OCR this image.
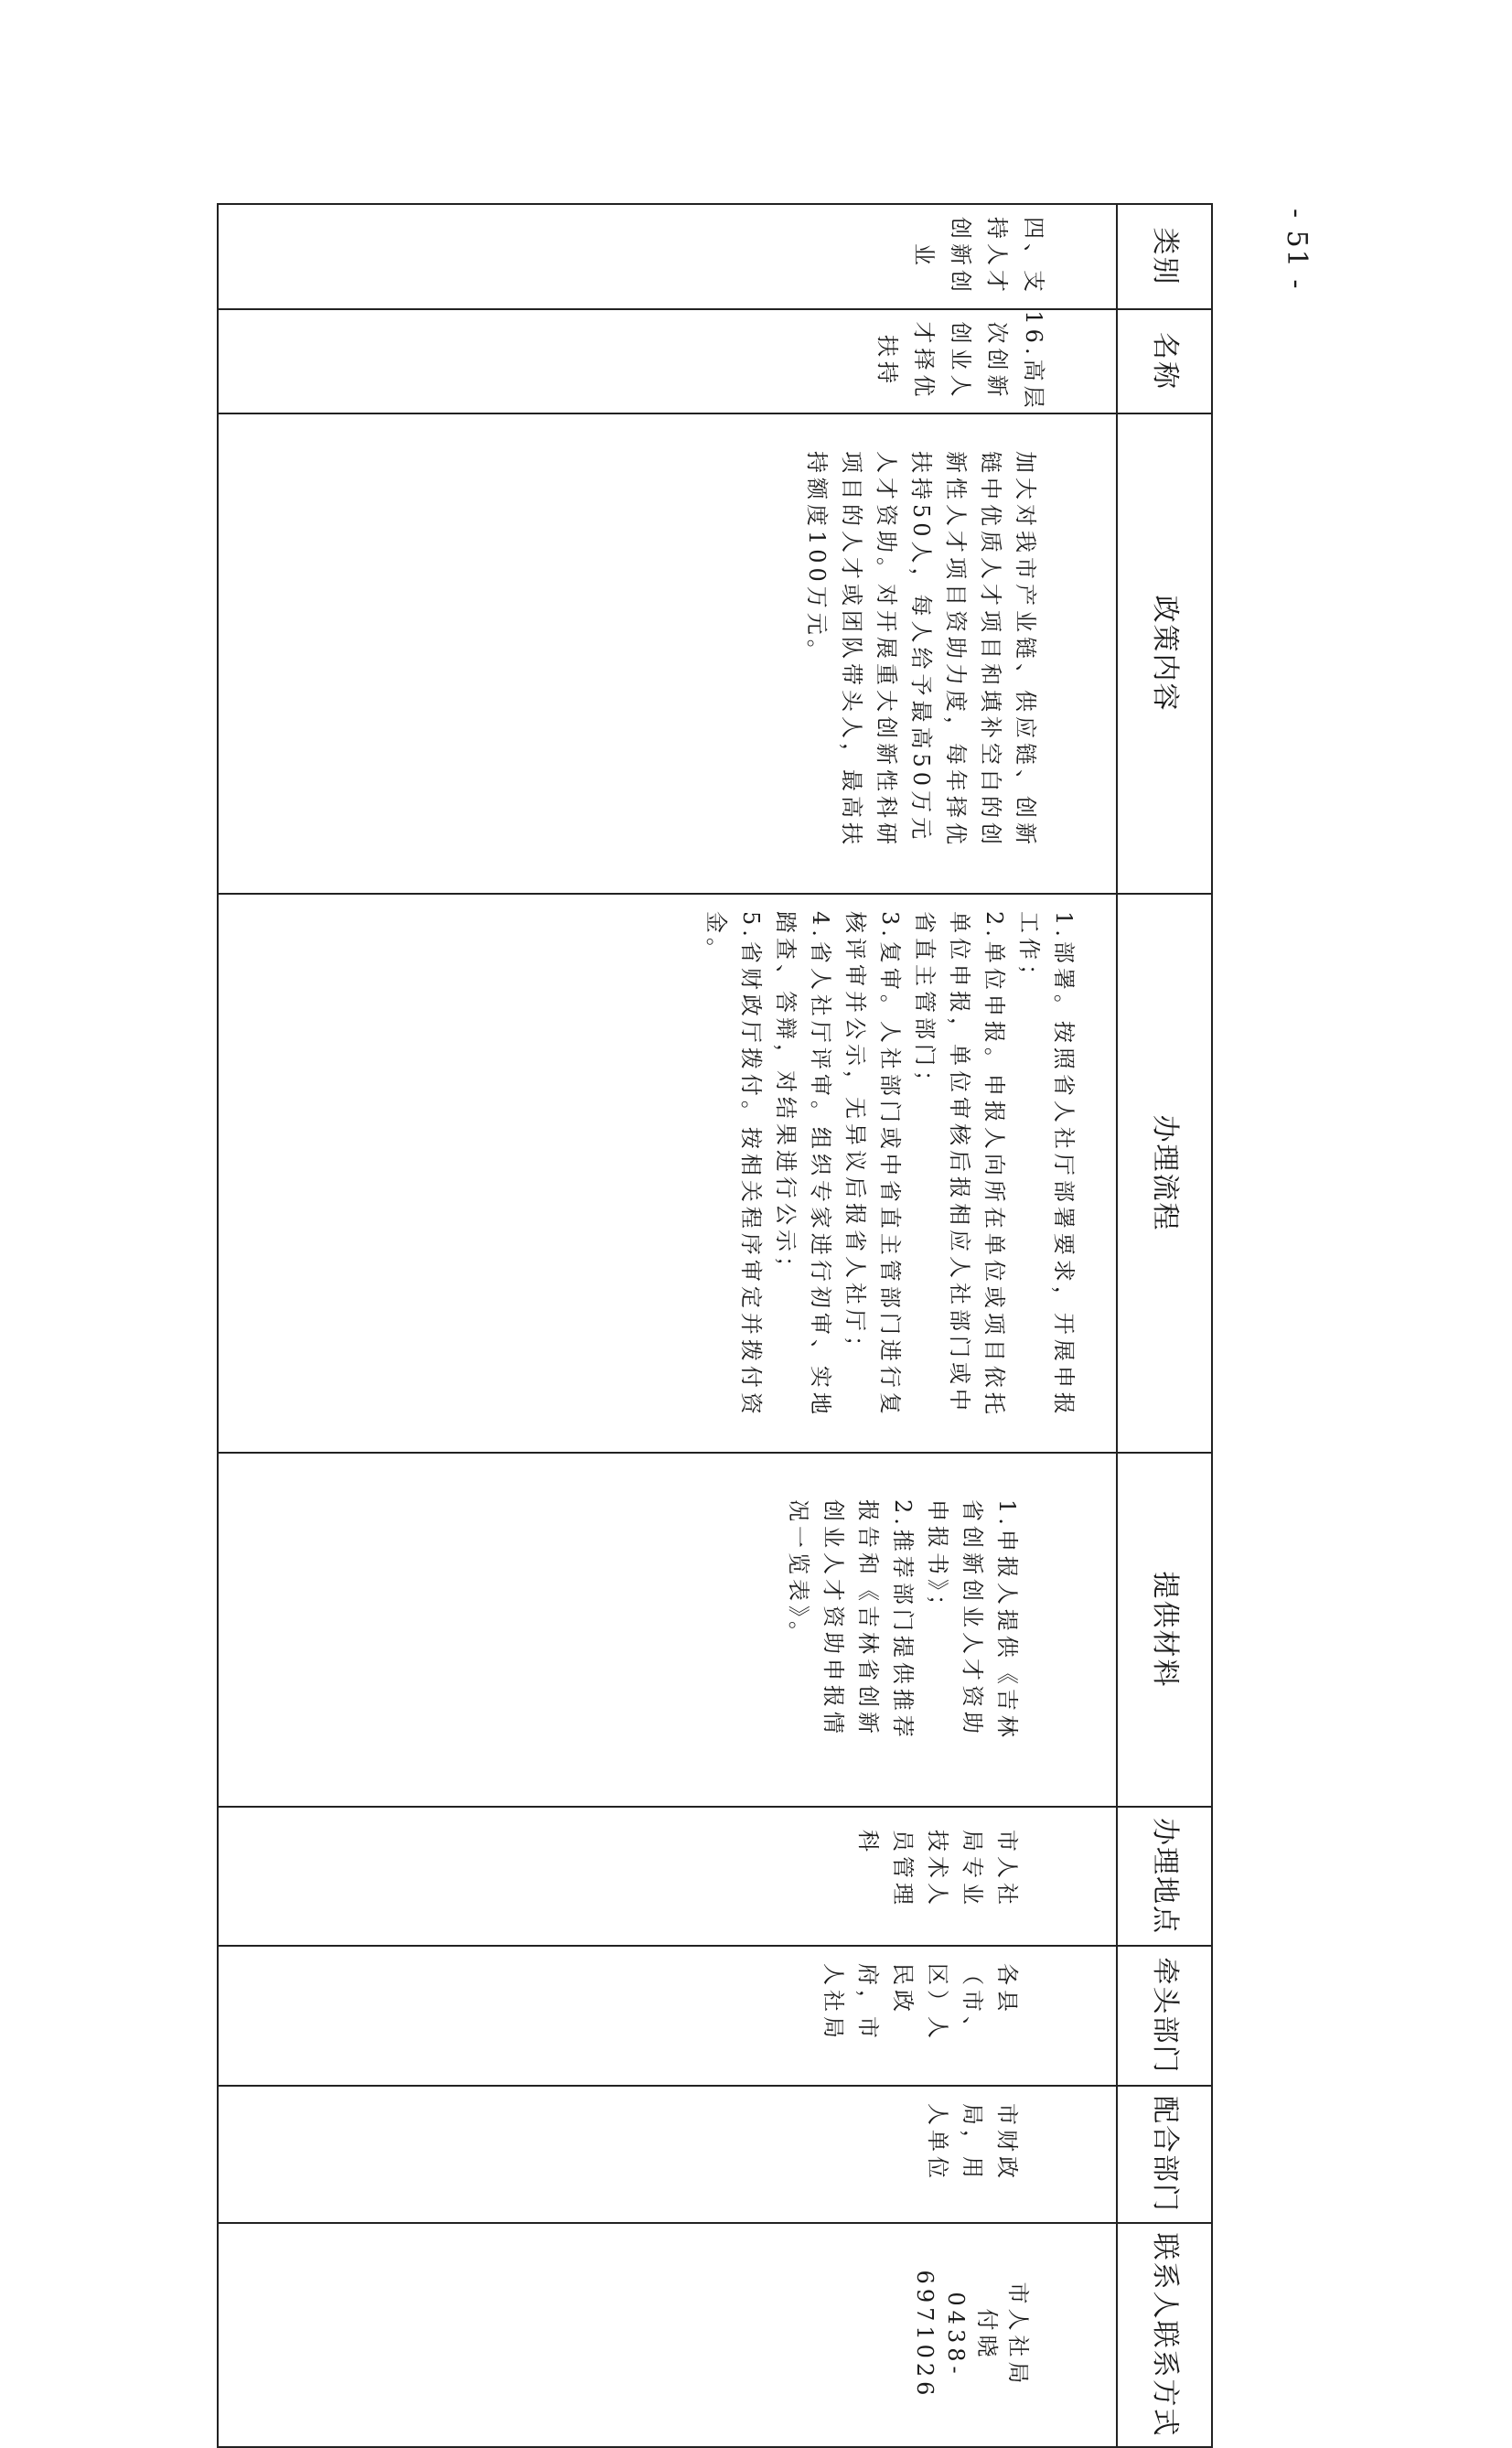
- 51 -
类别	名称	政策内容	办理流程	提供材料	办理地点	牵头部门	配合部门	联系人联系方式
四、支持人才创新创业	16.高层次创新创业人才择优扶持	加大对我市产业链、供应链、创新链中优质人才项目和填补空白的创新性人才项目资助力度，每年择优扶持50人，每人给予最高50万元人才资助。对开展重大创新性科研项目的人才或团队带头人，最高扶持额度100万元。	1.部署。按照省人社厅部署要求，开展申报工作；
2.单位申报。申报人向所在单位或项目依托单位申报，单位审核后报相应人社部门或中省直主管部门；
3.复审。人社部门或中省直主管部门进行复核评审并公示，无异议后报省人社厅；
4.省人社厅评审。组织专家进行初审、实地踏查、答辩，对结果进行公示；
5.省财政厅拨付。按相关程序审定并拨付资金。	1.申报人提供《吉林省创新创业人才资助申报书》；
2.推荐部门提供推荐报告和《吉林省创新创业人才资助申报情况一览表》。	市人社局专业技术人员管理科	各县（市、区）人民政府，市人社局	市财政局，用人单位	市人社局
付晓
0438-
6971026
